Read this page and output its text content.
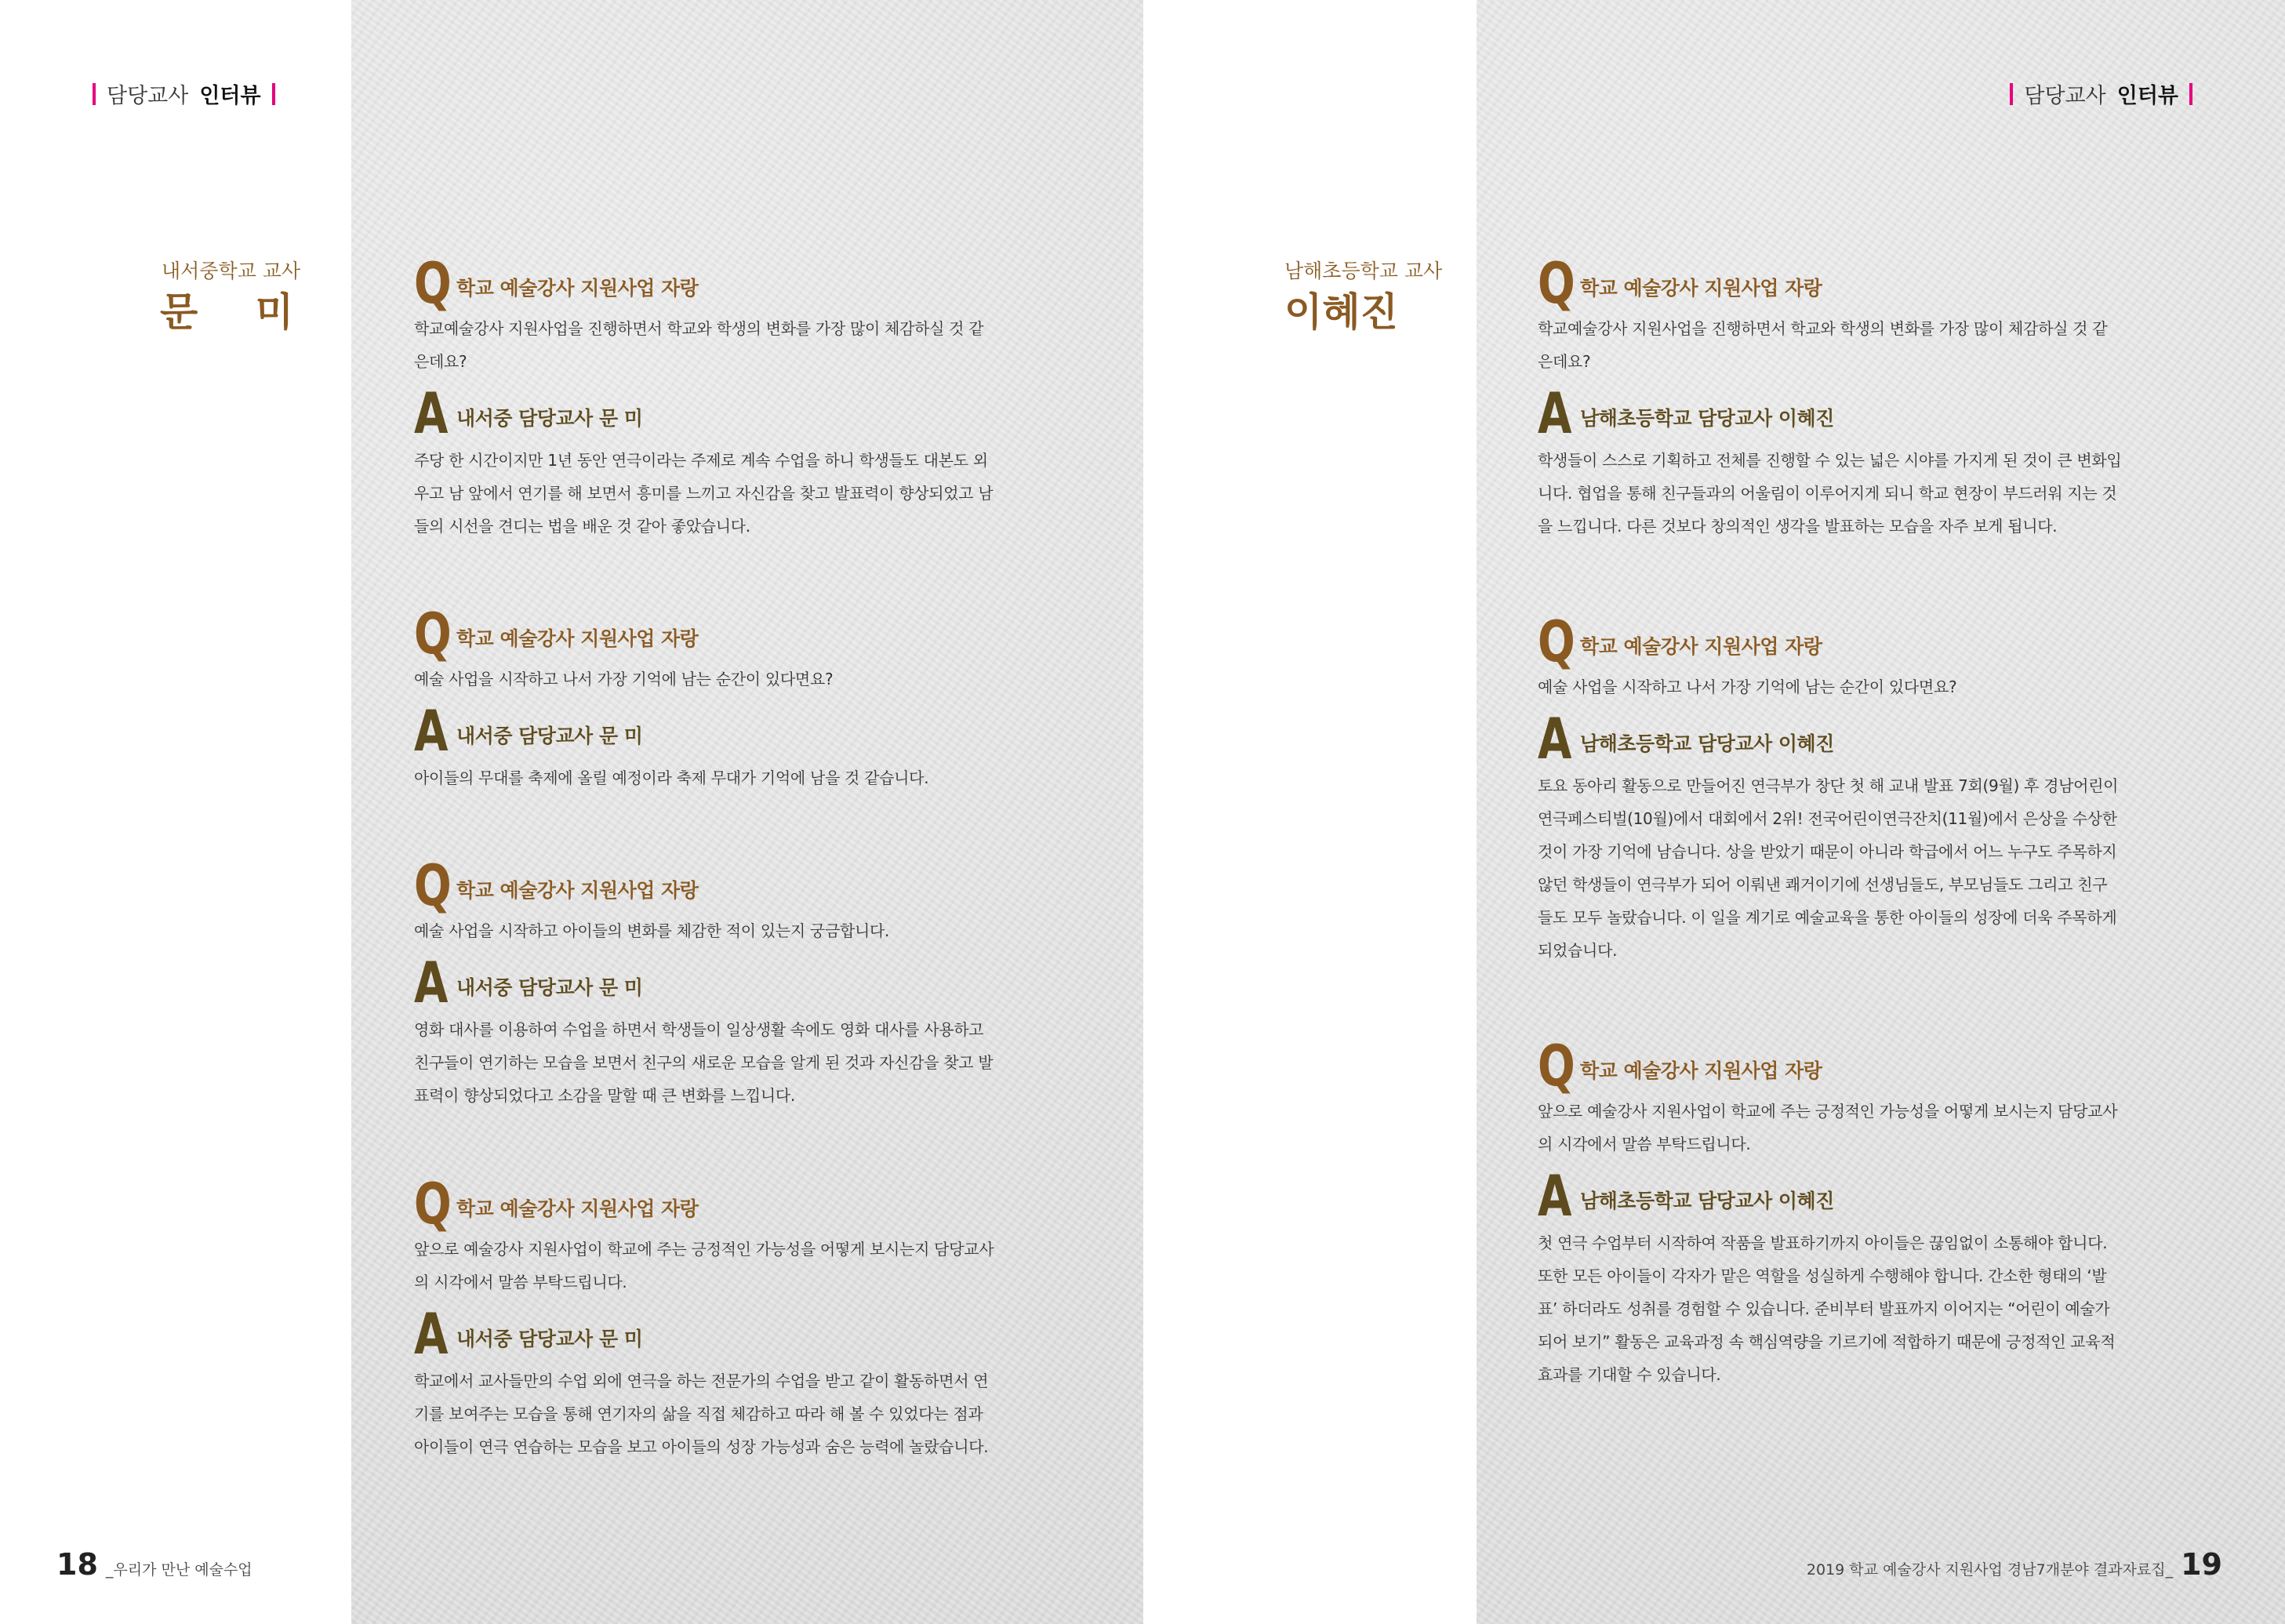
담당교사 인터뷰	담당교사 인터뷰
내서중학교 교사
문 미
남해초등학교 교사
이혜진
Q 학교 예술강사 지원사업 자랑
학교예술강사 지원사업을 진행하면서 학교와 학생의 변화를 가장 많이 체감하실 것 같은데요?
A 내서중 담당교사 문 미
주당 한 시간이지만 1년 동안 연극이라는 주제로 계속 수업을 하니 학생들도 대본도 외우고 남 앞에서 연기를 해 보면서 흥미를 느끼고 자신감을 찾고 발표력이 향상되었고 남들의 시선을 견디는 법을 배운 것 같아 좋았습니다.
Q 학교 예술강사 지원사업 자랑
예술 사업을 시작하고 나서 가장 기억에 남는 순간이 있다면요?
A 내서중 담당교사 문 미
아이들의 무대를 축제에 올릴 예정이라 축제 무대가 기억에 남을 것 같습니다.
Q 학교 예술강사 지원사업 자랑
예술 사업을 시작하고 아이들의 변화를 체감한 적이 있는지 궁금합니다.
A 내서중 담당교사 문 미
영화 대사를 이용하여 수업을 하면서 학생들이 일상생활 속에도 영화 대사를 사용하고 친구들이 연기하는 모습을 보면서 친구의 새로운 모습을 알게 된 것과 자신감을 찾고 발표력이 향상되었다고 소감을 말할 때 큰 변화를 느낍니다.
Q 학교 예술강사 지원사업 자랑
앞으로 예술강사 지원사업이 학교에 주는 긍정적인 가능성을 어떻게 보시는지 담당교사의 시각에서 말씀 부탁드립니다.
A 내서중 담당교사 문 미
학교에서 교사들만의 수업 외에 연극을 하는 전문가의 수업을 받고 같이 활동하면서 연기를 보여주는 모습을 통해 연기자의 삶을 직접 체감하고 따라 해 볼 수 있었다는 점과 아이들이 연극 연습하는 모습을 보고 아이들의 성장 가능성과 숨은 능력에 놀랐습니다.
Q 학교 예술강사 지원사업 자랑
학교예술강사 지원사업을 진행하면서 학교와 학생의 변화를 가장 많이 체감하실 것 같은데요?
A 남해초등학교 담당교사 이혜진
학생들이 스스로 기획하고 전체를 진행할 수 있는 넓은 시야를 가지게 된 것이 큰 변화입니다. 협업을 통해 친구들과의 어울림이 이루어지게 되니 학교 현장이 부드러워 지는 것을 느낍니다. 다른 것보다 창의적인 생각을 발표하는 모습을 자주 보게 됩니다.
Q 학교 예술강사 지원사업 자랑
예술 사업을 시작하고 나서 가장 기억에 남는 순간이 있다면요?
A 남해초등학교 담당교사 이혜진
토요 동아리 활동으로 만들어진 연극부가 창단 첫 해 교내 발표 7회(9월) 후 경남어린이연극페스티벌(10월)에서 대회에서 2위! 전국어린이연극잔치(11월)에서 은상을 수상한 것이 가장 기억에 남습니다. 상을 받았기 때문이 아니라 학급에서 어느 누구도 주목하지 않던 학생들이 연극부가 되어 이뤄낸 쾌거이기에 선생님들도, 부모님들도 그리고 친구들도 모두 놀랐습니다. 이 일을 계기로 예술교육을 통한 아이들의 성장에 더욱 주목하게 되었습니다.
Q 학교 예술강사 지원사업 자랑
앞으로 예술강사 지원사업이 학교에 주는 긍정적인 가능성을 어떻게 보시는지 담당교사의 시각에서 말씀 부탁드립니다.
A 남해초등학교 담당교사 이혜진
첫 연극 수업부터 시작하여 작품을 발표하기까지 아이들은 끊임없이 소통해야 합니다. 또한 모든 아이들이 각자가 맡은 역할을 성실하게 수행해야 합니다. 간소한 형태의 ‘발표’ 하더라도 성취를 경험할 수 있습니다. 준비부터 발표까지 이어지는 “어린이 예술가 되어 보기” 활동은 교육과정 속 핵심역량을 기르기에 적합하기 때문에 긍정적인 교육적 효과를 기대할 수 있습니다.
18 _우리가 만난 예술수업	2019 학교 예술강사 지원사업 경남7개분야 결과자료집_ 19
